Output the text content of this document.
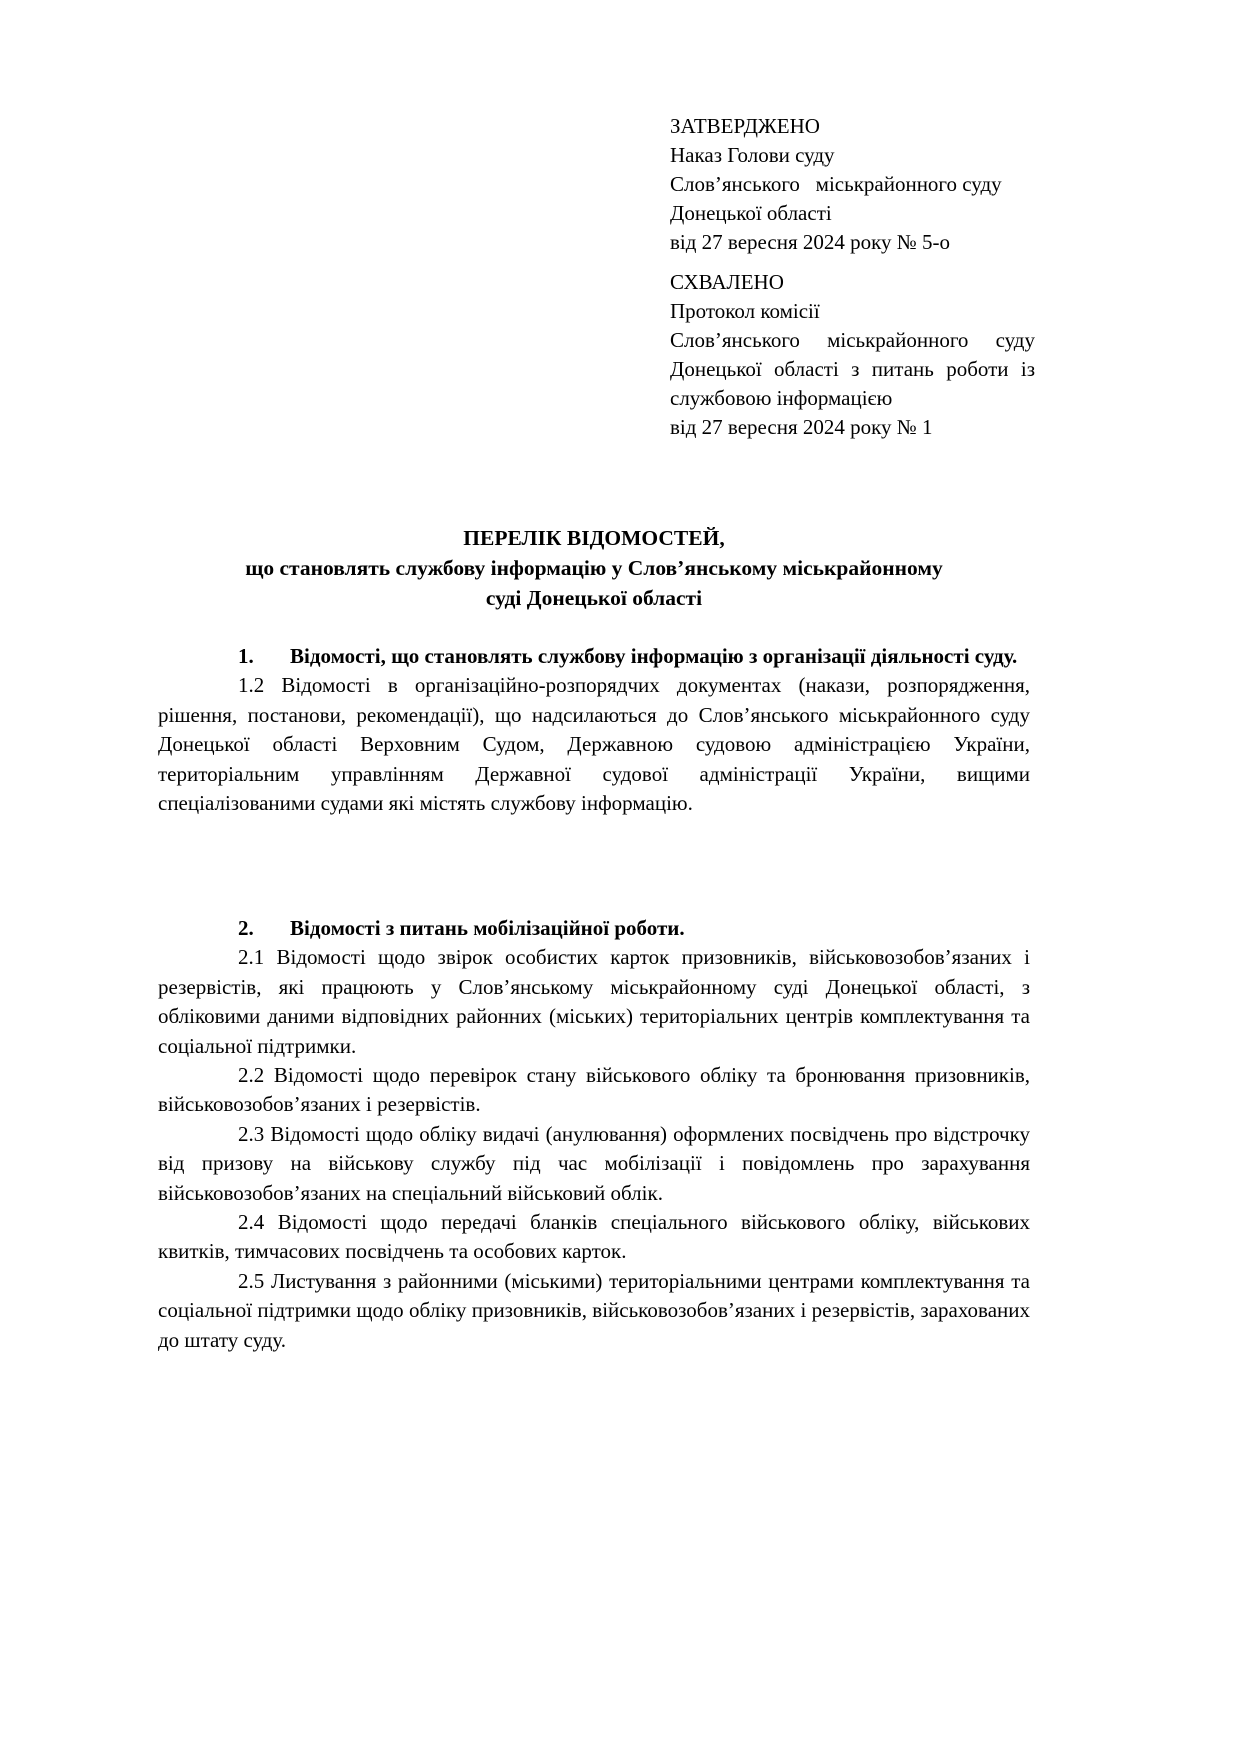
ЗАТВЕРДЖЕНО
Наказ Голови суду
Слов’янського   міськрайонного суду
Донецької області
від 27 вересня 2024 року № 5-о
СХВАЛЕНО
Протокол комісії
Слов’янського міськрайонного суду
Донецької області з питань роботи із
службовою інформацією
від 27 вересня 2024 року № 1
ПЕРЕЛІК ВІДОМОСТЕЙ,
що становлять службову інформацію у Слов’янському міськрайонному
суді Донецької області

1. Відомості, що становлять службову інформацію з організації діяльності суду.

1.2 Відомості в організаційно-розпорядчих документах (накази, розпорядження, рішення, постанови, рекомендації), що надсилаються до Слов’янського міськрайонного суду Донецької області Верховним Судом, Державною судовою адміністрацією України, територіальним управлінням Державної судової адміністрації України, вищими спеціалізованими судами які містять службову інформацію.

2. Відомості з питань мобілізаційної роботи.

2.1 Відомості щодо звірок особистих карток призовників, військовозобов’язаних і резервістів, які працюють у Слов’янському міськрайонному суді Донецької області, з обліковими даними відповідних районних (міських) територіальних центрів комплектування та соціальної підтримки.

2.2 Відомості щодо перевірок стану військового обліку та бронювання призовників, військовозобов’язаних і резервістів.

2.3 Відомості щодо обліку видачі (анулювання) оформлених посвідчень про відстрочку від призову на військову службу під час мобілізації і повідомлень про зарахування військовозобов’язаних на спеціальний військовий облік.

2.4 Відомості щодо передачі бланків спеціального військового обліку, військових квитків, тимчасових посвідчень та особових карток.

2.5 Листування з районними (міськими) територіальними центрами комплектування та соціальної підтримки щодо обліку призовників, військовозобов’язаних і резервістів, зарахованих до штату суду.
